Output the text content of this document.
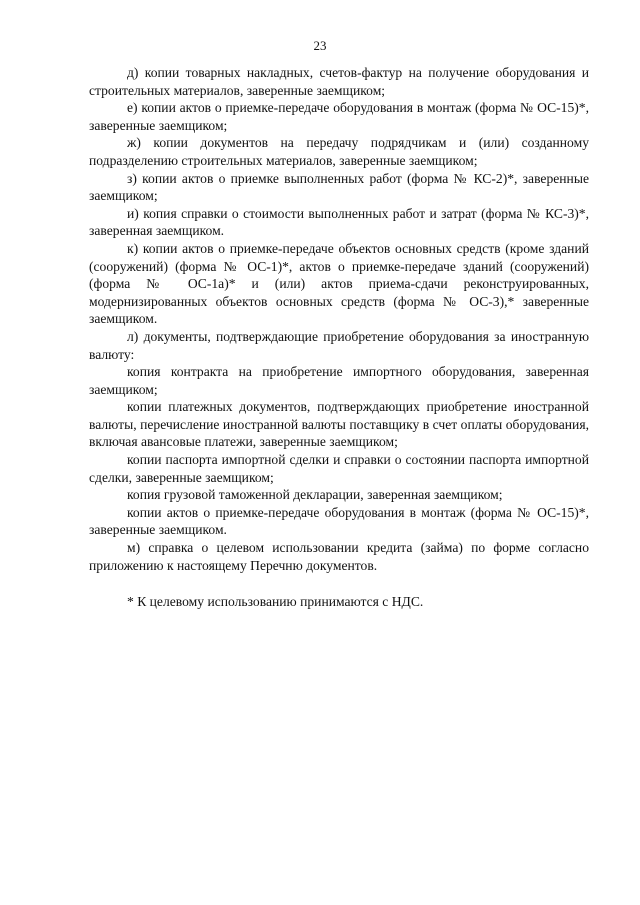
23

д) копии товарных накладных, счетов-фактур на получение оборудования и строительных материалов, заверенные заемщиком;

е) копии актов о приемке-передаче оборудования в монтаж (форма № ОС-15)*, заверенные заемщиком;

ж) копии документов на передачу подрядчикам и (или) созданному подразделению строительных материалов, заверенные заемщиком;

з) копии актов о приемке выполненных работ (форма № КС-2)*, заверенные заемщиком;

и) копия справки о стоимости выполненных работ и затрат (форма № КС-3)*, заверенная заемщиком.

к) копии актов о приемке-передаче объектов основных средств (кроме зданий (сооружений) (форма № ОС-1)*, актов о приемке-передаче зданий (сооружений) (форма № ОС-1а)* и (или) актов приема-сдачи реконструированных, модернизированных объектов основных средств (форма № ОС-3),* заверенные заемщиком.

л) документы, подтверждающие приобретение оборудования за иностранную валюту:

копия контракта на приобретение импортного оборудования, заверенная заемщиком;

копии платежных документов, подтверждающих приобретение иностранной валюты, перечисление иностранной валюты поставщику в счет оплаты оборудования, включая авансовые платежи, заверенные заемщиком;

копии паспорта импортной сделки и справки о состоянии паспорта импортной сделки, заверенные заемщиком;

копия грузовой таможенной декларации, заверенная заемщиком;

копии актов о приемке-передаче оборудования в монтаж (форма № ОС-15)*, заверенные заемщиком.

м) справка о целевом использовании кредита (займа) по форме согласно приложению к настоящему Перечню документов.

* К целевому использованию принимаются с НДС.
